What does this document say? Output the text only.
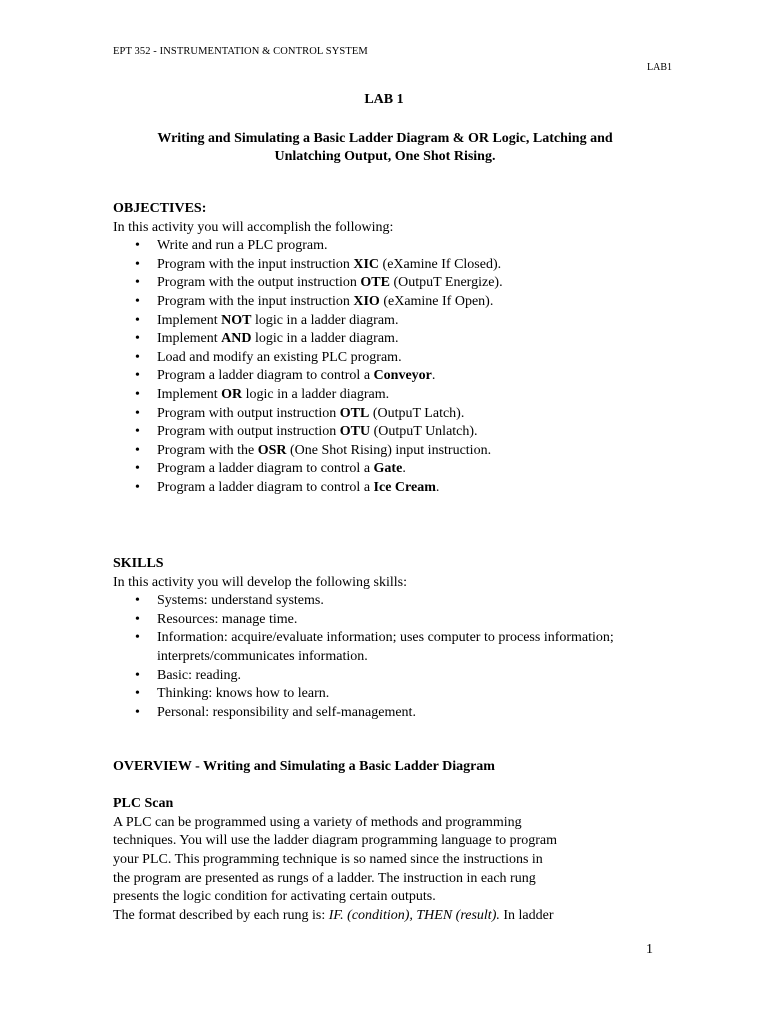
EPT 352 - INSTRUMENTATION & CONTROL SYSTEM
LAB1
LAB 1
Writing and Simulating a Basic Ladder Diagram & OR Logic, Latching and
Unlatching Output, One Shot Rising.
OBJECTIVES:
In this activity you will accomplish the following:
• Write and run a PLC program.
• Program with the input instruction XIC (eXamine If Closed).
• Program with the output instruction OTE (OutpuT Energize).
• Program with the input instruction XIO (eXamine If Open).
• Implement NOT logic in a ladder diagram.
• Implement AND logic in a ladder diagram.
• Load and modify an existing PLC program.
• Program a ladder diagram to control a Conveyor.
• Implement OR logic in a ladder diagram.
• Program with output instruction OTL (OutpuT Latch).
• Program with output instruction OTU (OutpuT Unlatch).
• Program with the OSR (One Shot Rising) input instruction.
• Program a ladder diagram to control a Gate.
• Program a ladder diagram to control a Ice Cream.
SKILLS
In this activity you will develop the following skills:
• Systems: understand systems.
• Resources: manage time.
• Information: acquire/evaluate information; uses computer to process information; interprets/communicates information.
• Basic: reading.
• Thinking: knows how to learn.
• Personal: responsibility and self-management.
OVERVIEW - Writing and Simulating a Basic Ladder Diagram
PLC Scan
A PLC can be programmed using a variety of methods and programming
techniques. You will use the ladder diagram programming language to program
your PLC. This programming technique is so named since the instructions in
the program are presented as rungs of a ladder. The instruction in each rung
presents the logic condition for activating certain outputs.
The format described by each rung is: IF. (condition), THEN (result). In ladder
1
